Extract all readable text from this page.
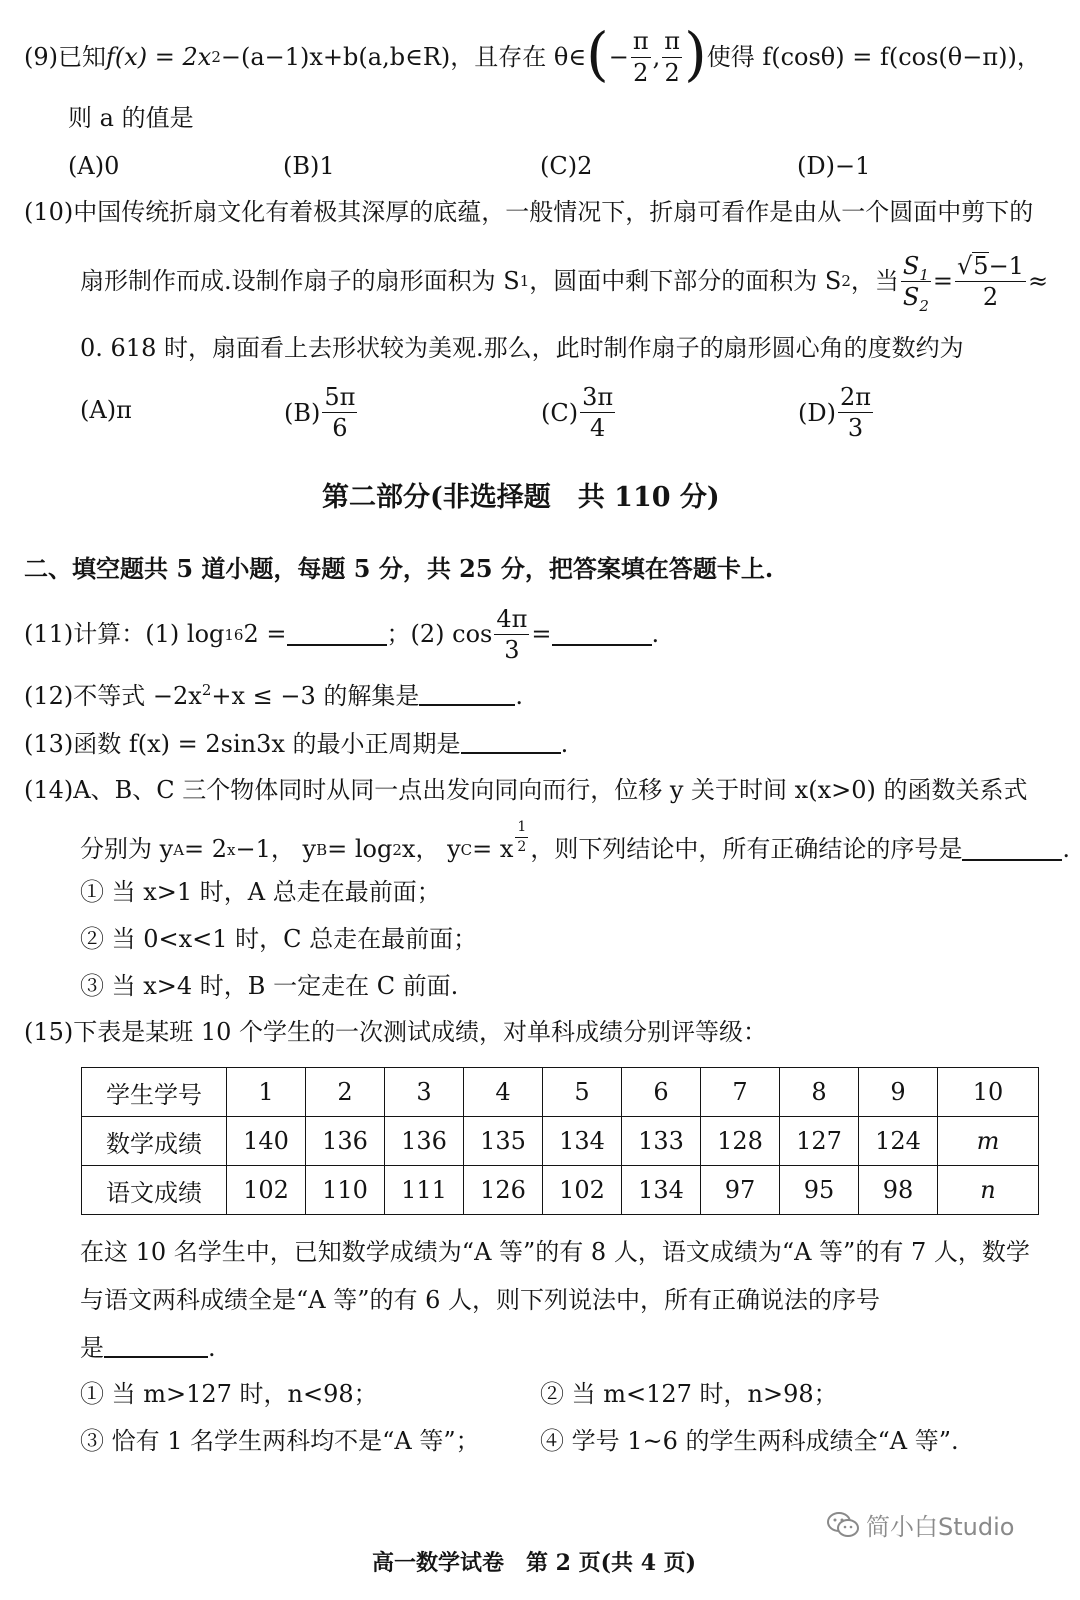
(9) 已知 f(x) = 2x 2 −(a−1)x+b(a,b∈R)，且存在 θ∈ ( − $\frac{\pi}{2}$ , $\frac{\pi}{2}$ ) 使得 f(cosθ) = f(cos(θ−π))，
则 a 的值是
(A) 0	(B) 1	(C) 2	(D) −1
(10)中国传统折扇文化有着极其深厚的底蕴，一般情况下，折扇可看作是由从一个圆面中剪下的
扇形制作而成.设制作扇子的扇形面积为 S 1 ，圆面中剩下部分的面积为 S 2 ，当 $\frac{S_1}{S_2} = \frac{√5-1}{2}$ ≈
0. 618 时，扇面看上去形状较为美观.那么，此时制作扇子的扇形圆心角的度数约为
(A) π	$(B) \frac{5\pi}{6}$	$(C) \frac{3\pi}{4}$	$(D) \frac{2\pi}{3}$
第二部分(非选择题　共 110 分)
二、填空题共 5 道小题，每题 5 分，共 25 分，把答案填在答题卡上.
(11) 计算：(1) log 16 2 =	；(2) $\cos \frac{4\pi}{3}$ =	.
(12)不等式 $-2x^2+x \le -3$ 的解集是	.
(13)函数 f(x) = 2sin3x 的最小正周期是	.
(14)A、B、C 三个物体同时从同一点出发向同向而行，位移 y 关于时间 x(x>0) 的函数关系式
分别为 y A = 2 x −1， y B = log 2 x， y C = x $\frac{1}{2}$ ，则下列结论中，所有正确结论的序号是	.
① 当 x>1 时，A 总走在最前面；
② 当 0<x<1 时，C 总走在最前面；
③ 当 x>4 时，B 一定走在 C 前面.
(15)下表是某班 10 个学生的一次测试成绩，对单科成绩分别评等级：
学生学号	1	2	3	4	5	6	7	8	9	10
数学成绩	140	136	136	135	134	133	128	127	124	m
语文成绩	102	110	111	126	102	134	97	95	98	n
在这 10 名学生中，已知数学成绩为“A 等”的有 8 人，语文成绩为“A 等”的有 7 人，数学
与语文两科成绩全是“A 等”的有 6 人，则下列说法中，所有正确说法的序号
是	.
① 当 m>127 时，n<98；	② 当 m<127 时，n>98；
③ 恰有 1 名学生两科均不是“A 等”；	④ 学号 1~6 的学生两科成绩全“A 等”.
高一数学试卷　第 2 页(共 4 页)
简小白Studio
